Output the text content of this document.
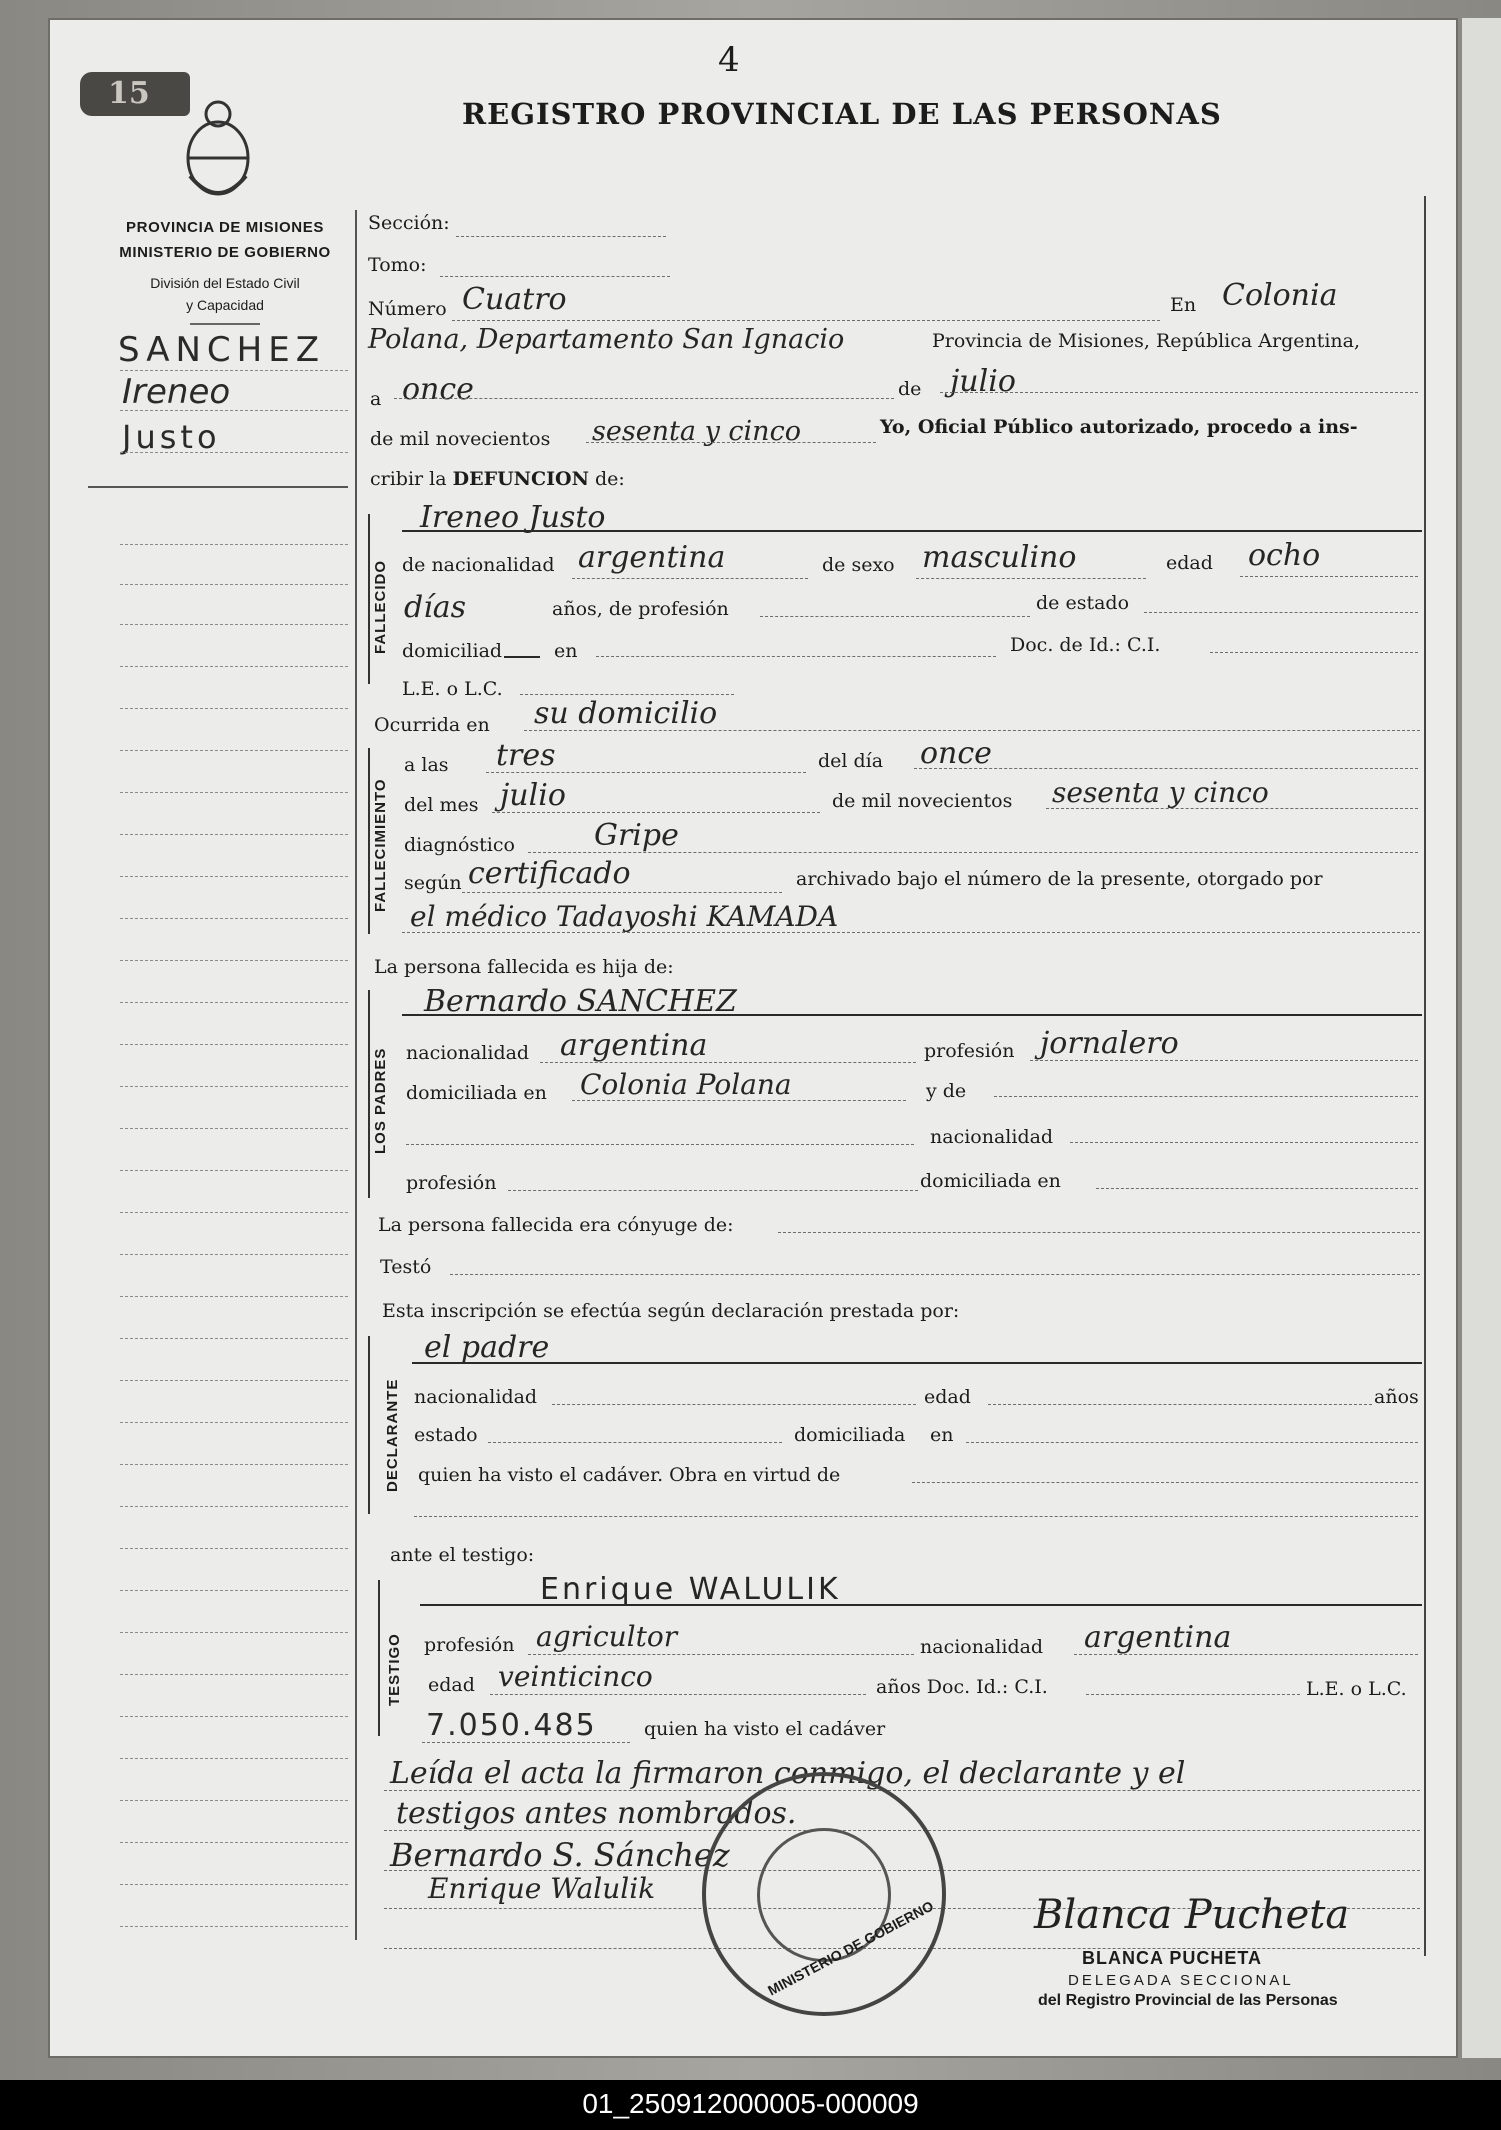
4
15
REGISTRO PROVINCIAL DE LAS PERSONAS
PROVINCIA DE MISIONES
MINISTERIO DE GOBIERNO
División del Estado Civil
y Capacidad
SANCHEZ
Ireneo
Justo
Sección:
Tomo:
Número Cuatro	En Colonia
Polana, Departamento San Ignacio	Provincia de Misiones, República Argentina,
a once	de julio
de mil novecientos sesenta y cinco	Yo, Oficial Público autorizado, procedo a ins-
cribir la DEFUNCION de:
FALLECIDO
Ireneo Justo
de nacionalidad argentina	de sexo masculino	edad ocho
días	años, de profesión	de estado
domiciliad	en	Doc. de Id.: C.I.
L.E. o L.C.
Ocurrida en su domicilio
FALLECIMIENTO
a las tres	del día once
del mes julio	de mil novecientos sesenta y cinco
diagnóstico	Gripe
según certificado	archivado bajo el número de la presente, otorgado por
el médico Tadayoshi KAMADA
La persona fallecida es hija de:
LOS PADRES
Bernardo SANCHEZ
nacionalidad argentina	profesión jornalero
domiciliada en Colonia Polana	y de
nacionalidad
profesión	domiciliada en
La persona fallecida era cónyuge de:
Testó
Esta inscripción se efectúa según declaración prestada por:
DECLARANTE
el padre
nacionalidad	edad	años
estado	domiciliada en
quien ha visto el cadáver. Obra en virtud de
ante el testigo:
TESTIGO
Enrique WALULIK
profesión agricultor	nacionalidad argentina
edad veinticinco	años Doc. Id.: C.I.	L.E. o L.C.
7.050.485 quien ha visto el cadáver
Leída el acta la firmaron conmigo, el declarante y el
testigos antes nombrados.
Bernardo S. Sánchez
Enrique Walulik
MINISTERIO DE GOBIERNO Blanca Pucheta
BLANCA PUCHETA
DELEGADA SECCIONAL
del Registro Provincial de las Personas
01_250912000005-000009
